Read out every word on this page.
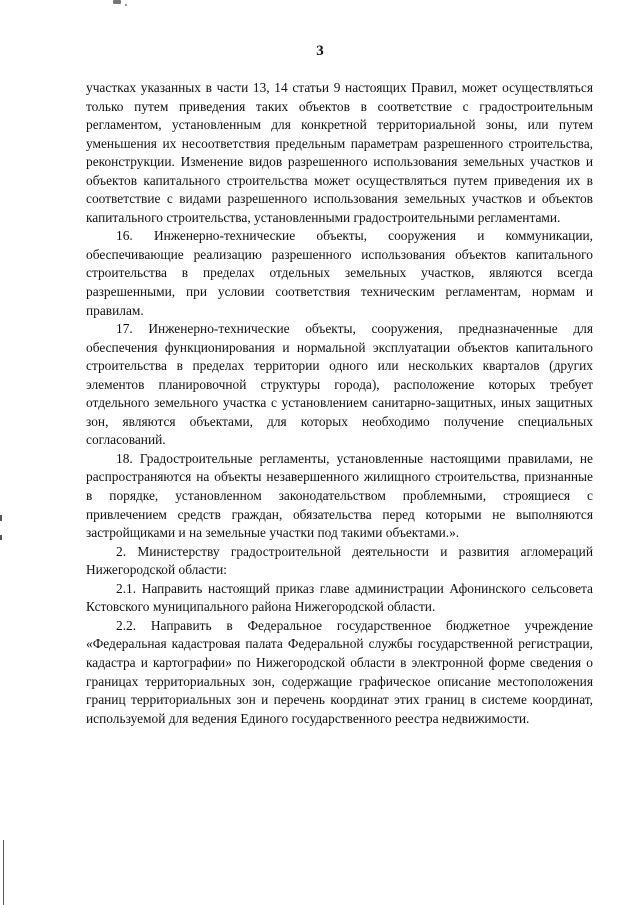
3

участках указанных в части 13, 14 статьи 9 настоящих Правил, может осуществляться только путем приведения таких объектов в соответствие с градостроительным регламентом, установленным для конкретной территориальной зоны, или путем уменьшения их несоответствия предельным параметрам разрешенного строительства, реконструкции. Изменение видов разрешенного использования земельных участков и объектов капитального строительства может осуществляться путем приведения их в соответствие с видами разрешенного использования земельных участков и объектов капитального строительства, установленными градостроительными регламентами.

16. Инженерно-технические объекты, сооружения и коммуникации, обеспечивающие реализацию разрешенного использования объектов капитального строительства в пределах отдельных земельных участков, являются всегда разрешенными, при условии соответствия техническим регламентам, нормам и правилам.

17. Инженерно-технические объекты, сооружения, предназначенные для обеспечения функционирования и нормальной эксплуатации объектов капитального строительства в пределах территории одного или нескольких кварталов (других элементов планировочной структуры города), расположение которых требует отдельного земельного участка с установлением санитарно-защитных, иных защитных зон, являются объектами, для которых необходимо получение специальных согласований.

18. Градостроительные регламенты, установленные настоящими правилами, не распространяются на объекты незавершенного жилищного строительства, признанные в порядке, установленном законодательством проблемными, строящиеся с привлечением средств граждан, обязательства перед которыми не выполняются застройщиками и на земельные участки под такими объектами.».

2. Министерству градостроительной деятельности и развития агломераций Нижегородской области:

2.1. Направить настоящий приказ главе администрации Афонинского сельсовета Кстовского муниципального района Нижегородской области.

2.2. Направить в Федеральное государственное бюджетное учреждение «Федеральная кадастровая палата Федеральной службы государственной регистрации, кадастра и картографии» по Нижегородской области в электронной форме сведения о границах территориальных зон, содержащие графическое описание местоположения границ территориальных зон и перечень координат этих границ в системе координат, используемой для ведения Единого государственного реестра недвижимости.
